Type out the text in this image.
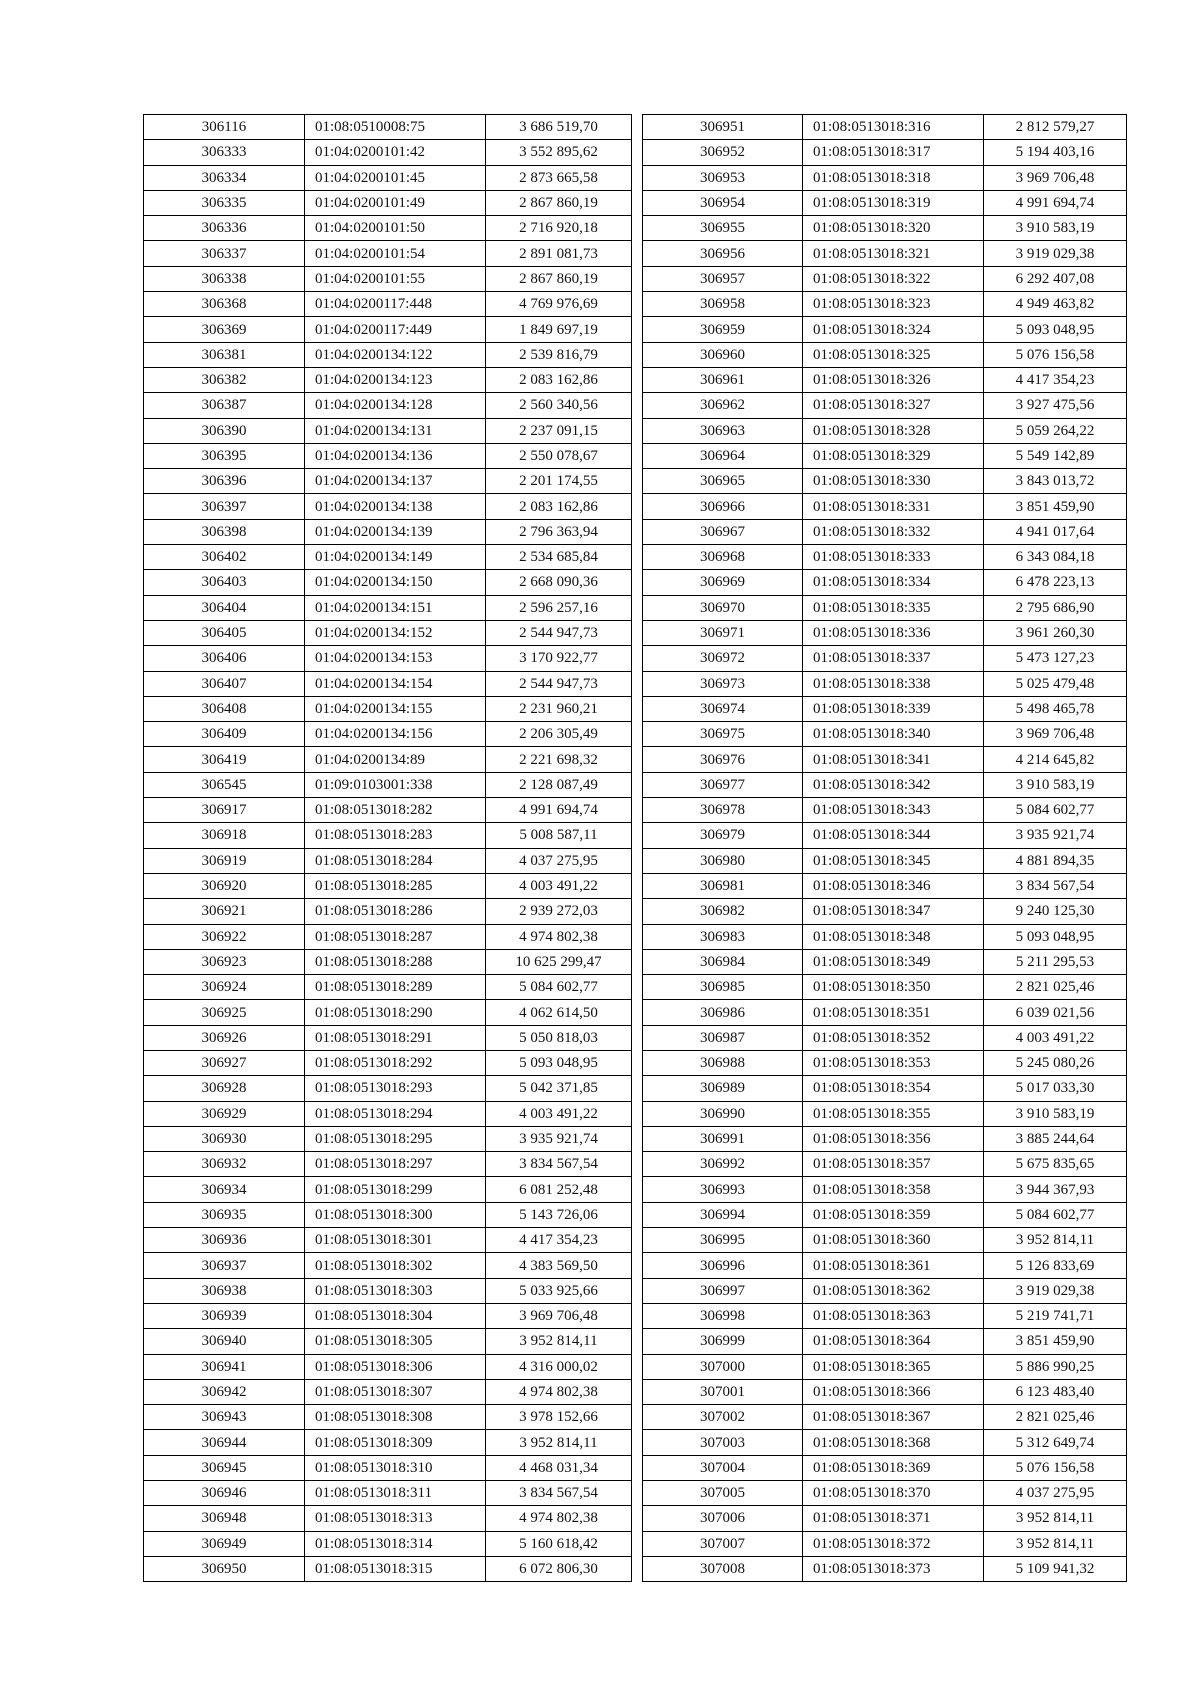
306116	01:08:0510008:75	3 686 519,70
306333	01:04:0200101:42	3 552 895,62
306334	01:04:0200101:45	2 873 665,58
306335	01:04:0200101:49	2 867 860,19
306336	01:04:0200101:50	2 716 920,18
306337	01:04:0200101:54	2 891 081,73
306338	01:04:0200101:55	2 867 860,19
306368	01:04:0200117:448	4 769 976,69
306369	01:04:0200117:449	1 849 697,19
306381	01:04:0200134:122	2 539 816,79
306382	01:04:0200134:123	2 083 162,86
306387	01:04:0200134:128	2 560 340,56
306390	01:04:0200134:131	2 237 091,15
306395	01:04:0200134:136	2 550 078,67
306396	01:04:0200134:137	2 201 174,55
306397	01:04:0200134:138	2 083 162,86
306398	01:04:0200134:139	2 796 363,94
306402	01:04:0200134:149	2 534 685,84
306403	01:04:0200134:150	2 668 090,36
306404	01:04:0200134:151	2 596 257,16
306405	01:04:0200134:152	2 544 947,73
306406	01:04:0200134:153	3 170 922,77
306407	01:04:0200134:154	2 544 947,73
306408	01:04:0200134:155	2 231 960,21
306409	01:04:0200134:156	2 206 305,49
306419	01:04:0200134:89	2 221 698,32
306545	01:09:0103001:338	2 128 087,49
306917	01:08:0513018:282	4 991 694,74
306918	01:08:0513018:283	5 008 587,11
306919	01:08:0513018:284	4 037 275,95
306920	01:08:0513018:285	4 003 491,22
306921	01:08:0513018:286	2 939 272,03
306922	01:08:0513018:287	4 974 802,38
306923	01:08:0513018:288	10 625 299,47
306924	01:08:0513018:289	5 084 602,77
306925	01:08:0513018:290	4 062 614,50
306926	01:08:0513018:291	5 050 818,03
306927	01:08:0513018:292	5 093 048,95
306928	01:08:0513018:293	5 042 371,85
306929	01:08:0513018:294	4 003 491,22
306930	01:08:0513018:295	3 935 921,74
306932	01:08:0513018:297	3 834 567,54
306934	01:08:0513018:299	6 081 252,48
306935	01:08:0513018:300	5 143 726,06
306936	01:08:0513018:301	4 417 354,23
306937	01:08:0513018:302	4 383 569,50
306938	01:08:0513018:303	5 033 925,66
306939	01:08:0513018:304	3 969 706,48
306940	01:08:0513018:305	3 952 814,11
306941	01:08:0513018:306	4 316 000,02
306942	01:08:0513018:307	4 974 802,38
306943	01:08:0513018:308	3 978 152,66
306944	01:08:0513018:309	3 952 814,11
306945	01:08:0513018:310	4 468 031,34
306946	01:08:0513018:311	3 834 567,54
306948	01:08:0513018:313	4 974 802,38
306949	01:08:0513018:314	5 160 618,42
306950	01:08:0513018:315	6 072 806,30
306951	01:08:0513018:316	2 812 579,27
306952	01:08:0513018:317	5 194 403,16
306953	01:08:0513018:318	3 969 706,48
306954	01:08:0513018:319	4 991 694,74
306955	01:08:0513018:320	3 910 583,19
306956	01:08:0513018:321	3 919 029,38
306957	01:08:0513018:322	6 292 407,08
306958	01:08:0513018:323	4 949 463,82
306959	01:08:0513018:324	5 093 048,95
306960	01:08:0513018:325	5 076 156,58
306961	01:08:0513018:326	4 417 354,23
306962	01:08:0513018:327	3 927 475,56
306963	01:08:0513018:328	5 059 264,22
306964	01:08:0513018:329	5 549 142,89
306965	01:08:0513018:330	3 843 013,72
306966	01:08:0513018:331	3 851 459,90
306967	01:08:0513018:332	4 941 017,64
306968	01:08:0513018:333	6 343 084,18
306969	01:08:0513018:334	6 478 223,13
306970	01:08:0513018:335	2 795 686,90
306971	01:08:0513018:336	3 961 260,30
306972	01:08:0513018:337	5 473 127,23
306973	01:08:0513018:338	5 025 479,48
306974	01:08:0513018:339	5 498 465,78
306975	01:08:0513018:340	3 969 706,48
306976	01:08:0513018:341	4 214 645,82
306977	01:08:0513018:342	3 910 583,19
306978	01:08:0513018:343	5 084 602,77
306979	01:08:0513018:344	3 935 921,74
306980	01:08:0513018:345	4 881 894,35
306981	01:08:0513018:346	3 834 567,54
306982	01:08:0513018:347	9 240 125,30
306983	01:08:0513018:348	5 093 048,95
306984	01:08:0513018:349	5 211 295,53
306985	01:08:0513018:350	2 821 025,46
306986	01:08:0513018:351	6 039 021,56
306987	01:08:0513018:352	4 003 491,22
306988	01:08:0513018:353	5 245 080,26
306989	01:08:0513018:354	5 017 033,30
306990	01:08:0513018:355	3 910 583,19
306991	01:08:0513018:356	3 885 244,64
306992	01:08:0513018:357	5 675 835,65
306993	01:08:0513018:358	3 944 367,93
306994	01:08:0513018:359	5 084 602,77
306995	01:08:0513018:360	3 952 814,11
306996	01:08:0513018:361	5 126 833,69
306997	01:08:0513018:362	3 919 029,38
306998	01:08:0513018:363	5 219 741,71
306999	01:08:0513018:364	3 851 459,90
307000	01:08:0513018:365	5 886 990,25
307001	01:08:0513018:366	6 123 483,40
307002	01:08:0513018:367	2 821 025,46
307003	01:08:0513018:368	5 312 649,74
307004	01:08:0513018:369	5 076 156,58
307005	01:08:0513018:370	4 037 275,95
307006	01:08:0513018:371	3 952 814,11
307007	01:08:0513018:372	3 952 814,11
307008	01:08:0513018:373	5 109 941,32
